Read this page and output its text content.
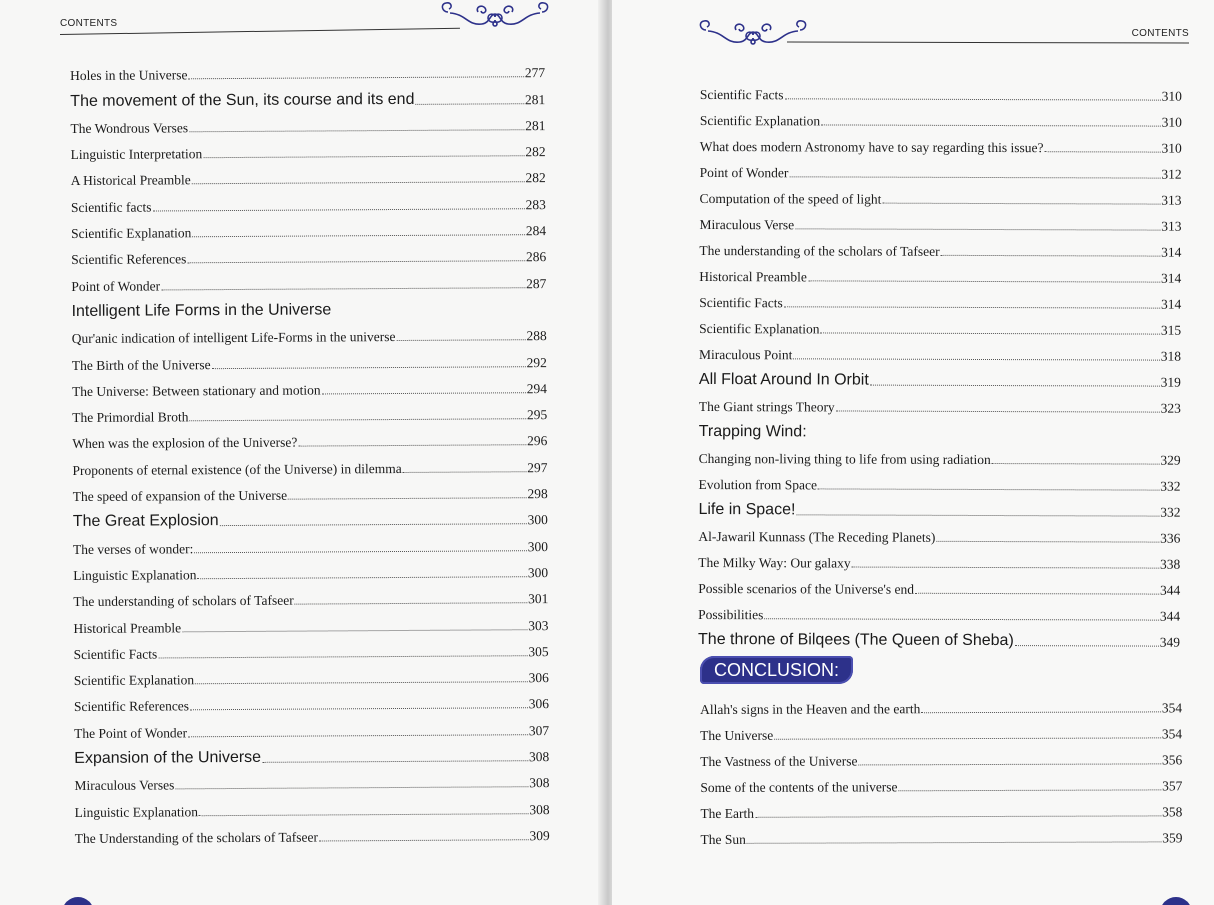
CONTENTS
Holes in the Universe	277
The movement of the Sun, its course and its end	281
The Wondrous Verses	281
Linguistic Interpretation	282
A Historical Preamble	282
Scientific facts	283
Scientific Explanation	284
Scientific References	286
Point of Wonder	287
Intelligent Life Forms in the Universe
Qur'anic indication of intelligent Life-Forms in the universe	288
The Birth of the Universe	292
The Universe: Between stationary and motion	294
The Primordial Broth	295
When was the explosion of the Universe?	296
Proponents of eternal existence (of the Universe) in dilemma	297
The speed of expansion of the Universe	298
The Great Explosion	300
The verses of wonder:	300
Linguistic Explanation	300
The understanding of scholars of Tafseer	301
Historical Preamble	303
Scientific Facts	305
Scientific Explanation	306
Scientific References	306
The Point of Wonder	307
Expansion of the Universe	308
Miraculous Verses	308
Linguistic Explanation	308
The Understanding of the scholars of Tafseer	309
CONTENTS
Scientific Facts	310
Scientific Explanation	310
What does modern Astronomy have to say regarding this issue?	310
Point of Wonder	312
Computation of the speed of light	313
Miraculous Verse	313
The understanding of the scholars of Tafseer	314
Historical Preamble	314
Scientific Facts	314
Scientific Explanation	315
Miraculous Point	318
All Float Around In Orbit	319
The Giant strings Theory	323
Trapping Wind:
Changing non-living thing to life from using radiation	329
Evolution from Space	332
Life in Space!	332
Al-Jawaril Kunnass (The Receding Planets)	336
The Milky Way: Our galaxy	338
Possible scenarios of the Universe's end	344
Possibilities	344
The throne of Bilqees (The Queen of Sheba)	349
CONCLUSION:
Allah's signs in the Heaven and the earth	354
The Universe	354
The Vastness of the Universe	356
Some of the contents of the universe	357
The Earth	358
The Sun	359
